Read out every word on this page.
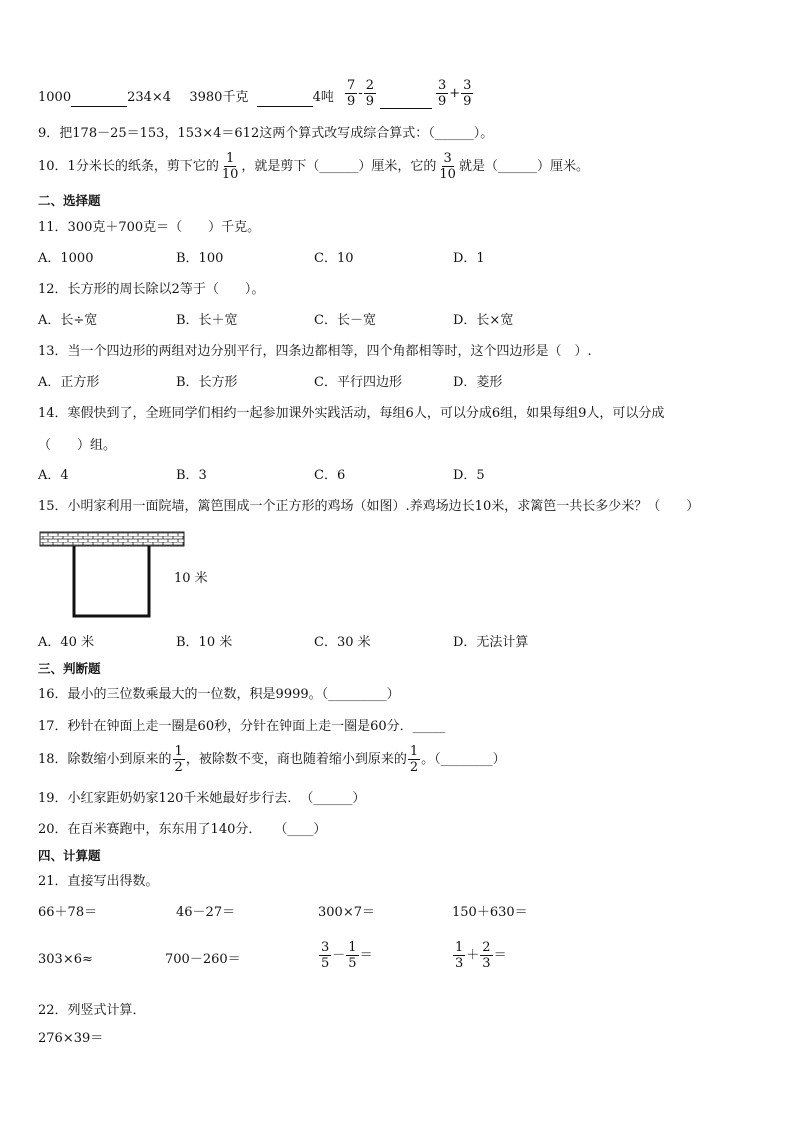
1000	234×4 3980千克	4吨 $\frac{7}{9} - \frac{2}{9}$	$\frac{3}{9} + \frac{3}{9}$
9．把178－25＝153，153×4＝612这两个算式改写成综合算式：（______）。
10．1分米长的纸条，剪下它的 $\frac{1}{10}$ ，就是剪下（______）厘米，它的 $\frac{3}{10}$ 就是（______）厘米。
二、选择题
11．300克＋700克＝（　　）千克。
A．1000	B．100	C．10	D．1
12．长方形的周长除以2等于（　　）。
A．长÷宽	B．长＋宽	C．长－宽	D．长×宽
13．当一个四边形的两组对边分别平行，四条边都相等，四个角都相等时，这个四边形是（　）.
A．正方形	B．长方形	C．平行四边形	D．菱形
14．寒假快到了，全班同学们相约一起参加课外实践活动，每组6人，可以分成6组，如果每组9人，可以分成
（　　）组。
A．4	B．3	C．6	D．5
15．小明家利用一面院墙，篱笆围成一个正方形的鸡场（如图）.养鸡场边长10米，求篱笆一共长多少米？（　　）
10 米
A．40 米	B．10 米	C．30 米	D．无法计算
三、判断题
16．最小的三位数乘最大的一位数，积是9999。（_________）
17．秒针在钟面上走一圈是60秒，分针在钟面上走一圈是60分．_____
18．除数缩小到原来的 $\frac{1}{2}$ ，被除数不变，商也随着缩小到原来的 $\frac{1}{2}$ 。（________）
19．小红家距奶奶家120千米她最好步行去．　（______）
20．在百米赛跑中，东东用了140分．　　（____）
四、计算题
21．直接写出得数。
66＋78＝	46－27＝	300×7＝	150＋630＝
303×6≈	700－260＝	$\frac{3}{5} - \frac{1}{5}$ ＝	$\frac{1}{3} + \frac{2}{3}$ ＝
22．列竖式计算．
276×39＝
